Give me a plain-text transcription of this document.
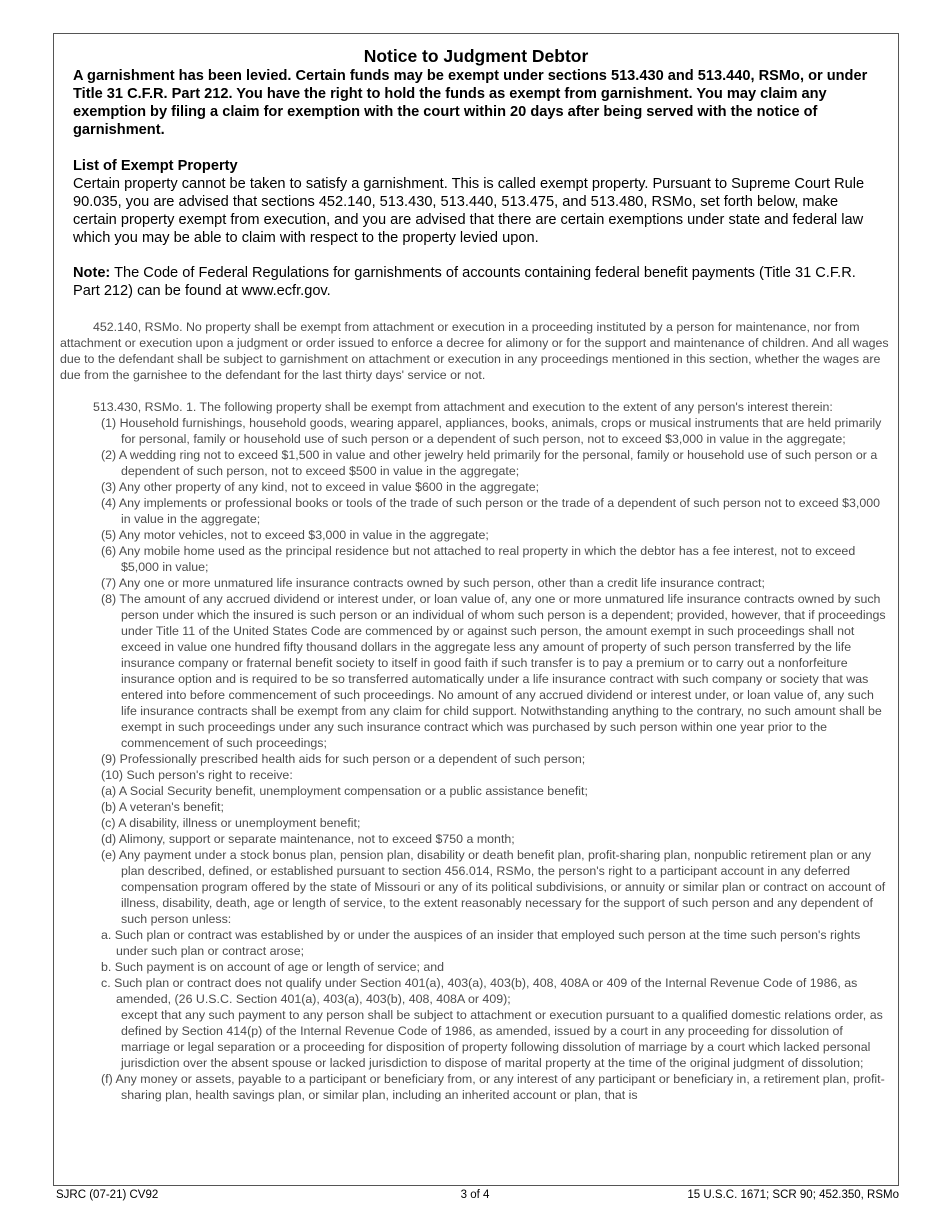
Notice to Judgment Debtor
A garnishment has been levied. Certain funds may be exempt under sections 513.430 and 513.440, RSMo, or under Title 31 C.F.R. Part 212. You have the right to hold the funds as exempt from garnishment. You may claim any exemption by filing a claim for exemption with the court within 20 days after being served with the notice of garnishment.
List of Exempt Property
Certain property cannot be taken to satisfy a garnishment. This is called exempt property. Pursuant to Supreme Court Rule 90.035, you are advised that sections 452.140, 513.430, 513.440, 513.475, and 513.480, RSMo, set forth below, make certain property exempt from execution, and you are advised that there are certain exemptions under state and federal law which you may be able to claim with respect to the property levied upon.
Note: The Code of Federal Regulations for garnishments of accounts containing federal benefit payments (Title 31 C.F.R. Part 212) can be found at www.ecfr.gov.
452.140, RSMo. No property shall be exempt from attachment or execution in a proceeding instituted by a person for maintenance, nor from attachment or execution upon a judgment or order issued to enforce a decree for alimony or for the support and maintenance of children. And all wages due to the defendant shall be subject to garnishment on attachment or execution in any proceedings mentioned in this section, whether the wages are due from the garnishee to the defendant for the last thirty days' service or not.
513.430, RSMo. 1. The following property shall be exempt from attachment and execution to the extent of any person's interest therein:
(1) Household furnishings, household goods, wearing apparel, appliances, books, animals, crops or musical instruments that are held primarily for personal, family or household use of such person or a dependent of such person, not to exceed $3,000 in value in the aggregate;
(2) A wedding ring not to exceed $1,500 in value and other jewelry held primarily for the personal, family or household use of such person or a dependent of such person, not to exceed $500 in value in the aggregate;
(3) Any other property of any kind, not to exceed in value $600 in the aggregate;
(4) Any implements or professional books or tools of the trade of such person or the trade of a dependent of such person not to exceed $3,000 in value in the aggregate;
(5) Any motor vehicles, not to exceed $3,000 in value in the aggregate;
(6) Any mobile home used as the principal residence but not attached to real property in which the debtor has a fee interest, not to exceed $5,000 in value;
(7) Any one or more unmatured life insurance contracts owned by such person, other than a credit life insurance contract;
(8) The amount of any accrued dividend or interest under, or loan value of, any one or more unmatured life insurance contracts owned by such person under which the insured is such person or an individual of whom such person is a dependent; provided, however, that if proceedings under Title 11 of the United States Code are commenced by or against such person, the amount exempt in such proceedings shall not exceed in value one hundred fifty thousand dollars in the aggregate less any amount of property of such person transferred by the life insurance company or fraternal benefit society to itself in good faith if such transfer is to pay a premium or to carry out a nonforfeiture insurance option and is required to be so transferred automatically under a life insurance contract with such company or society that was entered into before commencement of such proceedings. No amount of any accrued dividend or interest under, or loan value of, any such life insurance contracts shall be exempt from any claim for child support. Notwithstanding anything to the contrary, no such amount shall be exempt in such proceedings under any such insurance contract which was purchased by such person within one year prior to the commencement of such proceedings;
(9) Professionally prescribed health aids for such person or a dependent of such person;
(10) Such person's right to receive:
(a) A Social Security benefit, unemployment compensation or a public assistance benefit;
(b) A veteran's benefit;
(c) A disability, illness or unemployment benefit;
(d) Alimony, support or separate maintenance, not to exceed $750 a month;
(e) Any payment under a stock bonus plan, pension plan, disability or death benefit plan, profit-sharing plan, nonpublic retirement plan or any plan described, defined, or established pursuant to section 456.014, RSMo, the person's right to a participant account in any deferred compensation program offered by the state of Missouri or any of its political subdivisions, or annuity or similar plan or contract on account of illness, disability, death, age or length of service, to the extent reasonably necessary for the support of such person and any dependent of such person unless:
a. Such plan or contract was established by or under the auspices of an insider that employed such person at the time such person's rights under such plan or contract arose;
b. Such payment is on account of age or length of service; and
c. Such plan or contract does not qualify under Section 401(a), 403(a), 403(b), 408, 408A or 409 of the Internal Revenue Code of 1986, as amended, (26 U.S.C. Section 401(a), 403(a), 403(b), 408, 408A or 409);
except that any such payment to any person shall be subject to attachment or execution pursuant to a qualified domestic relations order, as defined by Section 414(p) of the Internal Revenue Code of 1986, as amended, issued by a court in any proceeding for dissolution of marriage or legal separation or a proceeding for disposition of property following dissolution of marriage by a court which lacked personal jurisdiction over the absent spouse or lacked jurisdiction to dispose of marital property at the time of the original judgment of dissolution;
(f) Any money or assets, payable to a participant or beneficiary from, or any interest of any participant or beneficiary in, a retirement plan, profit-sharing plan, health savings plan, or similar plan, including an inherited account or plan, that is
SJRC (07-21) CV92	3 of 4	15 U.S.C. 1671; SCR 90; 452.350, RSMo
